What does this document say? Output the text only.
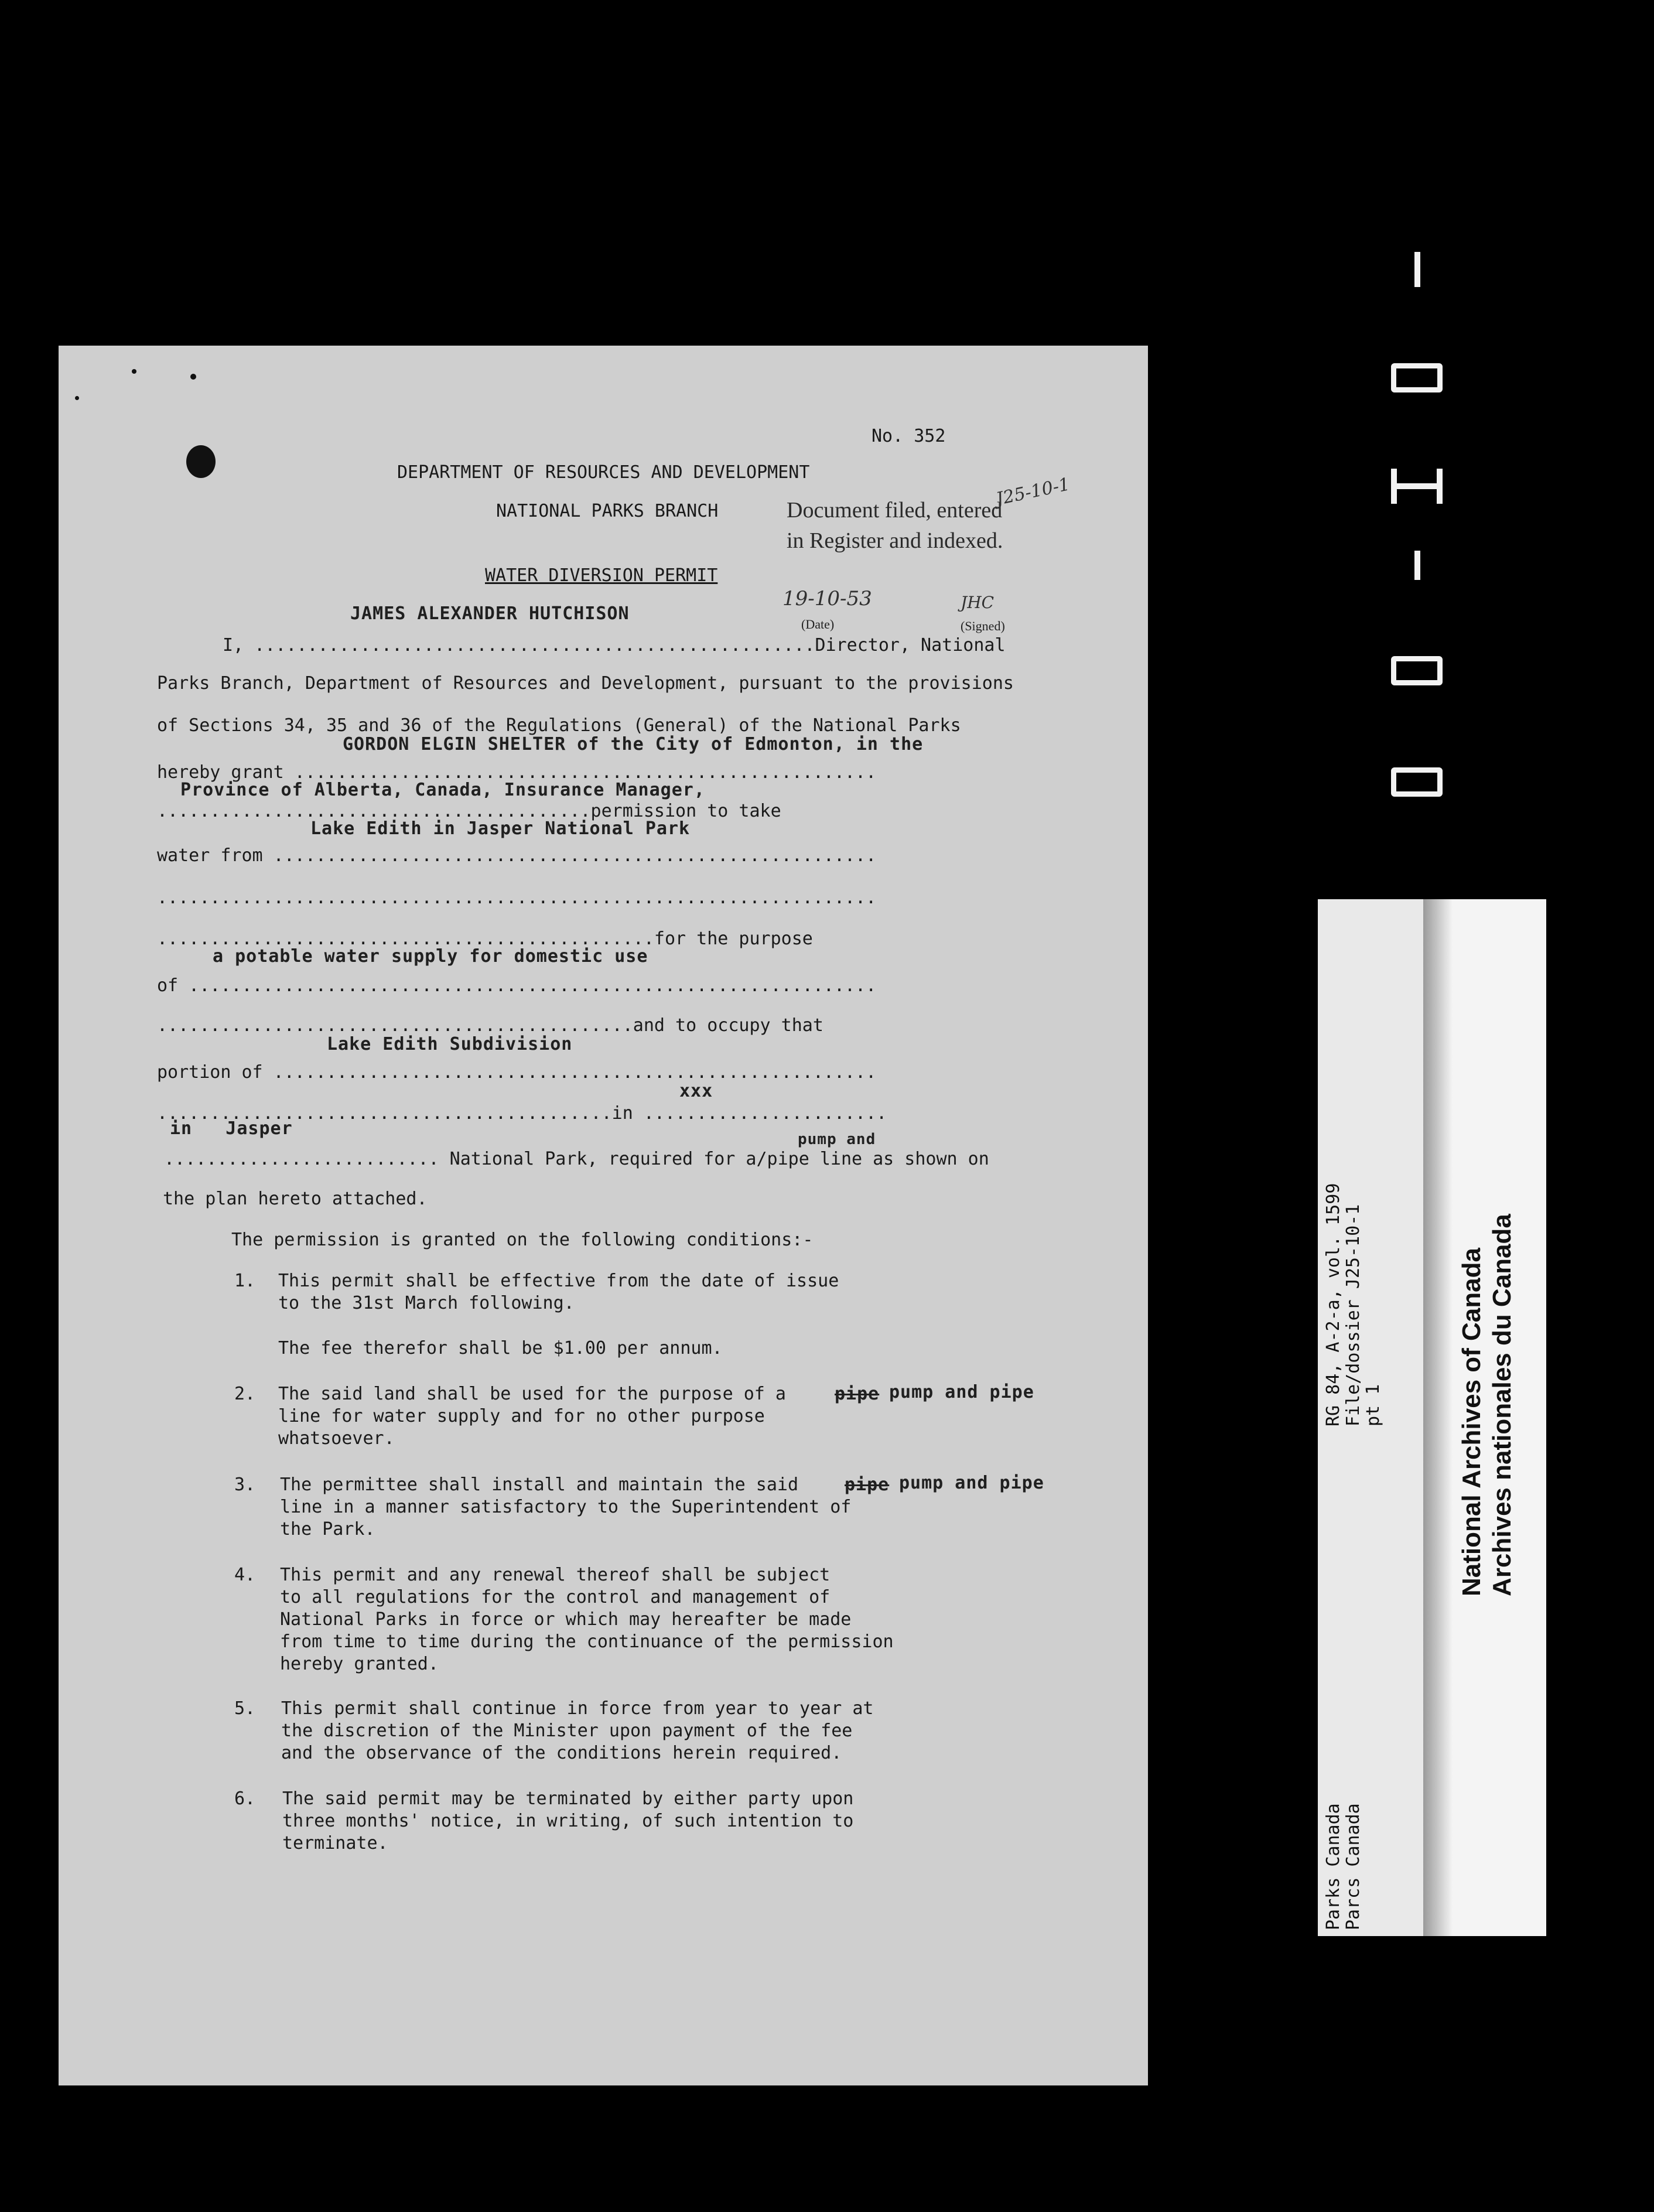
No. 352
DEPARTMENT OF RESOURCES AND DEVELOPMENT
NATIONAL PARKS BRANCH	Document filed, entered
in Register and indexed.
J25-10-1
WATER DIVERSION PERMIT
19-10-53
(Date)
JHC
(Signed)
JAMES ALEXANDER HUTCHISON
I, .....................................................Director, National
Parks Branch, Department of Resources and Development, pursuant to the provisions
of Sections 34, 35 and 36 of the Regulations (General) of the National Parks
GORDON ELGIN SHELTER of the City of Edmonton, in the
hereby grant .......................................................
Province of Alberta, Canada, Insurance Manager,
.........................................permission to take
Lake Edith in Jasper National Park
water from .........................................................
....................................................................
...............................................for the purpose
a potable water supply for domestic use
of .................................................................
.............................................and to occupy that
Lake Edith Subdivision
portion of .........................................................
xxx
...........................................in .......................
in   Jasper
pump and
.......................... National Park, required for a/pipe line as shown on
the plan hereto attached.
The permission is granted on the following conditions:-
1. This permit shall be effective from the date of issue
to the 31st March following.
The fee therefor shall be $1.00 per annum.
2. The said land shall be used for the purpose of a	pipe pump and pipe
line for water supply and for no other purpose
whatsoever.
3. The permittee shall install and maintain the said	pipe pump and pipe
line in a manner satisfactory to the Superintendent of
the Park.
4. This permit and any renewal thereof shall be subject
to all regulations for the control and management of
National Parks in force or which may hereafter be made
from time to time during the continuance of the permission
hereby granted.
5. This permit shall continue in force from year to year at
the discretion of the Minister upon payment of the fee
and the observance of the conditions herein required.
6. The said permit may be terminated by either party upon
three months' notice, in writing, of such intention to
terminate.
RG 84, A-2-a, vol. 1599 File/dossier J25-10-1 pt 1
Parks Canada Parcs Canada
National Archives of Canada Archives nationales du Canada
